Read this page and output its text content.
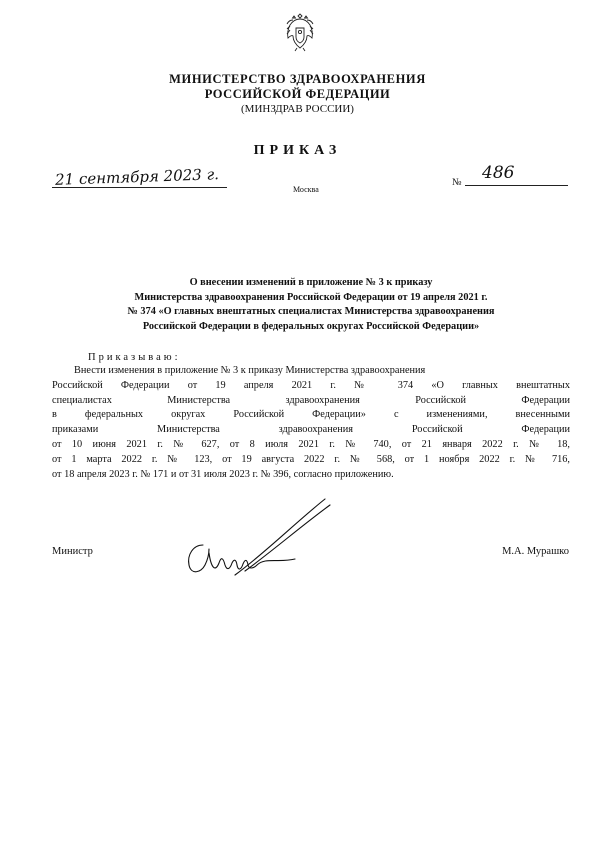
МИНИСТЕРСТВО ЗДРАВООХРАНЕНИЯ
РОССИЙСКОЙ ФЕДЕРАЦИИ
(МИНЗДРАВ РОССИИ)
ПРИКАЗ
21 сентября 2023 г.
Москва
№ 486
О внесении изменений в приложение № 3 к приказу
Министерства здравоохранения Российской Федерации от 19 апреля 2021 г.
№ 374 «О главных внештатных специалистах Министерства здравоохранения
Российской Федерации в федеральных округах Российской Федерации»
Приказываю:
Внести изменения в приложение № 3 к приказу Министерства здравоохранения
Российской Федерации от 19 апреля 2021 г. № 374 «О главных внештатных
специалистах Министерства здравоохранения Российской Федерации
в федеральных округах Российской Федерации» с изменениями, внесенными
приказами Министерства здравоохранения Российской Федерации
от 10 июня 2021 г. № 627, от 8 июля 2021 г. № 740, от 21 января 2022 г. № 18,
от 1 марта 2022 г. № 123, от 19 августа 2022 г. № 568, от 1 ноября 2022 г. № 716,
от 18 апреля 2023 г. № 171 и от 31 июля 2023 г. № 396, согласно приложению.
Министр	М.А. Мурашко
